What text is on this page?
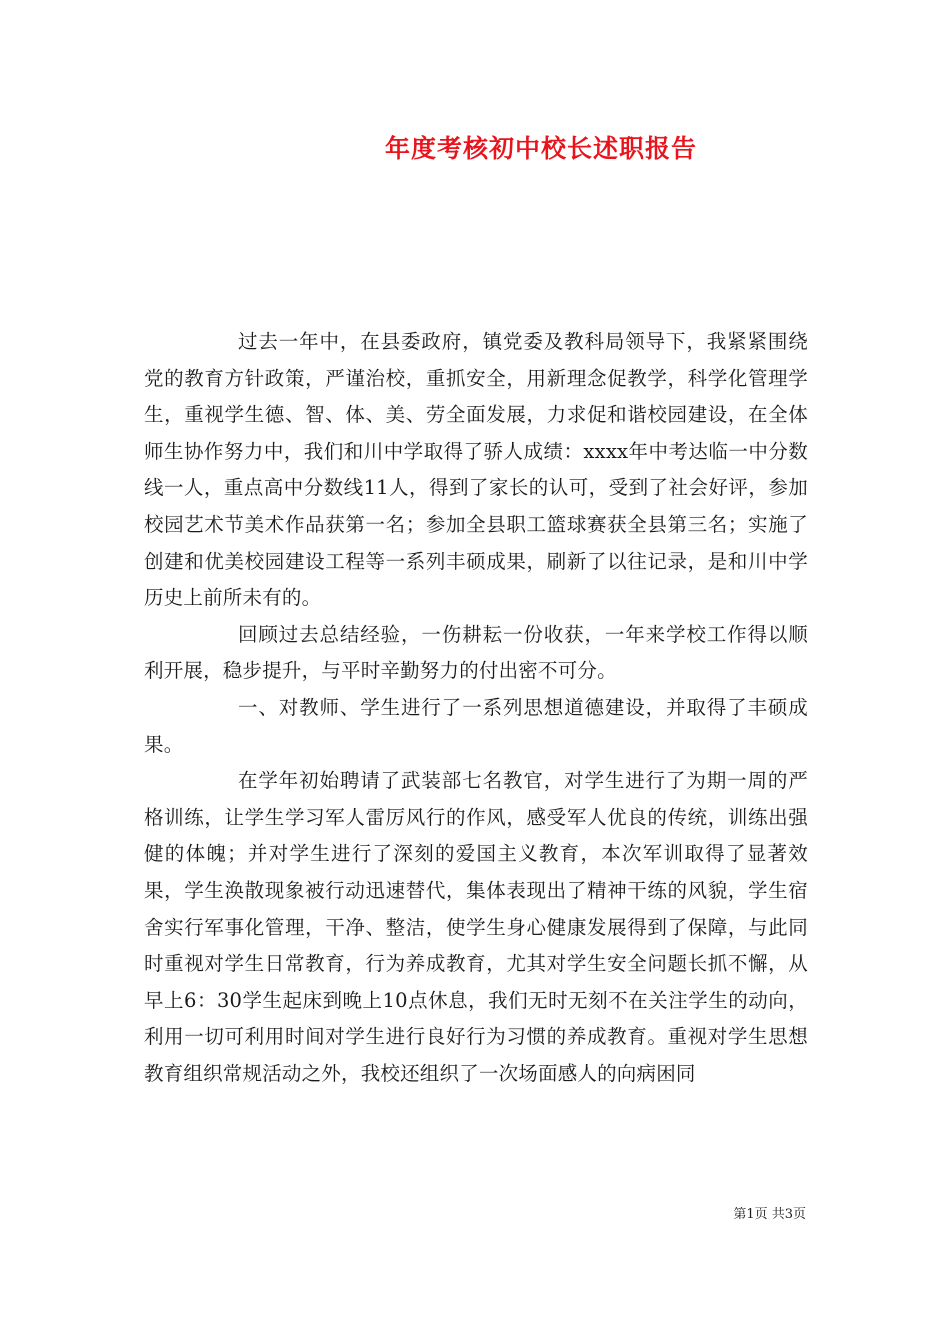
年度考核初中校长述职报告

过去一年中，在县委政府，镇党委及教科局领导下，我紧紧围绕党的教育方针政策，严谨治校，重抓安全，用新理念促教学，科学化管理学生，重视学生德、智、体、美、劳全面发展，力求促和谐校园建设，在全体师生协作努力中，我们和川中学取得了骄人成绩：xxxx年中考达临一中分数线一人，重点高中分数线11人，得到了家长的认可，受到了社会好评，参加校园艺术节美术作品获第一名；参加全县职工篮球赛获全县第三名；实施了创建和优美校园建设工程等一系列丰硕成果，刷新了以往记录，是和川中学历史上前所未有的。

回顾过去总结经验，一伤耕耘一份收获，一年来学校工作得以顺利开展，稳步提升，与平时辛勤努力的付出密不可分。

一、对教师、学生进行了一系列思想道德建设，并取得了丰硕成果。

在学年初始聘请了武装部七名教官，对学生进行了为期一周的严格训练，让学生学习军人雷厉风行的作风，感受军人优良的传统，训练出强健的体魄；并对学生进行了深刻的爱国主义教育，本次军训取得了显著效果，学生涣散现象被行动迅速替代，集体表现出了精神干练的风貌，学生宿舍实行军事化管理，干净、整洁，使学生身心健康发展得到了保障，与此同时重视对学生日常教育，行为养成教育，尤其对学生安全问题长抓不懈，从早上6：30学生起床到晚上10点休息，我们无时无刻不在关注学生的动向，利用一切可利用时间对学生进行良好行为习惯的养成教育。重视对学生思想教育组织常规活动之外，我校还组织了一次场面感人的向病困同

第1页 共3页
